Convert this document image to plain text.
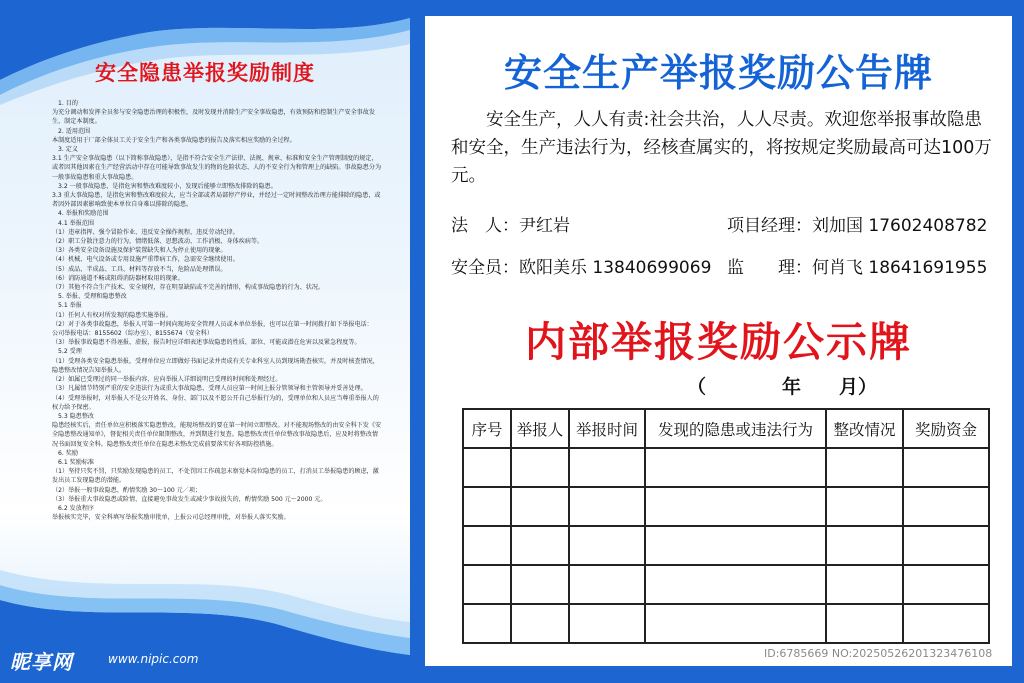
安全隐患举报奖励制度

1. 目的

为充分调动和发挥全员参与安全隐患治理的积极性，及时发现并消除生产安全事故隐患，有效预防和控制生产安全事故发生，制定本制度。

2. 适用范围

本制度适用于厂部全体员工关于安全生产和各类事故隐患的报告及落实相应奖励的全过程。

3. 定义

3.1 生产安全事故隐患（以下简称事故隐患），是指不符合安全生产法律、法规、规章、标准和安全生产管理制度的规定，或者因其他因素在生产经营活动中存在可能导致事故发生的物的危险状态、人的不安全行为和管理上的缺陷。事故隐患分为一般事故隐患和重大事故隐患。

3.2 一般事故隐患，是指危害和整改难度较小，发现后能够立即整改排除的隐患。

3.3 重大事故隐患，是指危害和整改难度较大，应当全部或者局部停产停业，并经过一定时间整改治理方能排除的隐患，或者因外部因素影响致使本单位自身难以排除的隐患。

4. 举报和奖励范围

4.1 举报范围

（1）违章指挥、强令冒险作业、违反安全操作规程、违反劳动纪律。

（2）职工分散注意力的行为，情绪低落、思想波动、工作消极、身体疾病等。

（3）各类安全设备设施及保护装置缺失和人为停止使用的现象。

（4）机械、电气设备或专用设施严重带病工作，急需安全继续使用。

（5）成品、半成品、工具、材料等存放不当，危险品处理错误。

（6）消防通道不畅或阻碍消防器材取用的现象。

（7）其他不符合生产技术、安全规程，存在明显缺陷或不完善的情形，构成事故隐患的行为、状况。

5. 举报、受理和隐患整改

5.1 举报

（1）任何人有权对所发现的隐患实施举报。

（2）对于各类事故隐患，举报人可第一时间向现场安全管理人员或本单位举报，也可以在第一时间拨打如下举报电话：

公司举报电话：8155602（综办室），8155674（安全科）

（3）举报事故隐患不得诬报、虚报，报告时应详细表述事故隐患的性质、部位、可能或潜在危害以及紧急程度等。

5.2 受理

（1）受理各类安全隐患举报，受理单位应立即做好书面记录并责成有关专业科室人员到现场勘查核实，并及时核查情况，隐患整改情况告知举报人。

（2）如属已受理过的同一举报内容，应向举报人详细说明已受理的时间和处理经过。

（3）凡属情节特别严重的安全违法行为或重大事故隐患，受理人员应第一时间上报分管领导和主管领导并妥善处理。

（4）受理举报时，对举报人不是公开姓名、身份、部门以及不愿公开自己举报行为的，受理单位和人员应当尊重举报人的权力给予保密。

5.3 隐患整改

隐患经核实后，责任单位应积极落实隐患整改，能现场整改的要在第一时间立即整改。对不能现场整改的由安全科下发《安全隐患整改通知单》，督促相关责任单位限期整改，并到期进行复查。隐患整改责任单位整改事故隐患后，应及时将整改情况书面回复安全科。隐患整改责任单位在隐患未整改完成前要落实好各项防控措施。

6. 奖励

6.1 奖励标准

（1）坚持只奖不罚，只奖励发现隐患的员工，不处罚因工作疏忽未察觉本岗位隐患的员工，打消员工举报隐患的顾虑，激发出员工发现隐患的潜能。

（2）举报一般事故隐患，酌情奖励 30～100 元／项；

（3）举报重大事故隐患或险情，直接避免事故发生或减少事故损失的，酌情奖励 500 元～2000 元。

6.2 发放程序

举报核实完毕，安全科填写举报奖励审批单，上报公司总经理审批，对举报人落实奖励。

昵享网	www.nipic.com
安全生产举报奖励公告牌
安全生产，人人有责:社会共治，人人尽责。欢迎您举报事故隐患和安全，生产违法行为，经核查属实的，将按规定奖励最高可达100万元。
法　人：尹红岩	项目经理：刘加国 17602408782
安全员：欧阳美乐 13840699069 监　　理：何肖飞 18641691955
内部举报奖励公示牌
（　　　　年　　月）
序号	举报人	举报时间	发现的隐患或违法行为	整改情况	奖励资金

ID:6785669 NO:20250526201323476108
